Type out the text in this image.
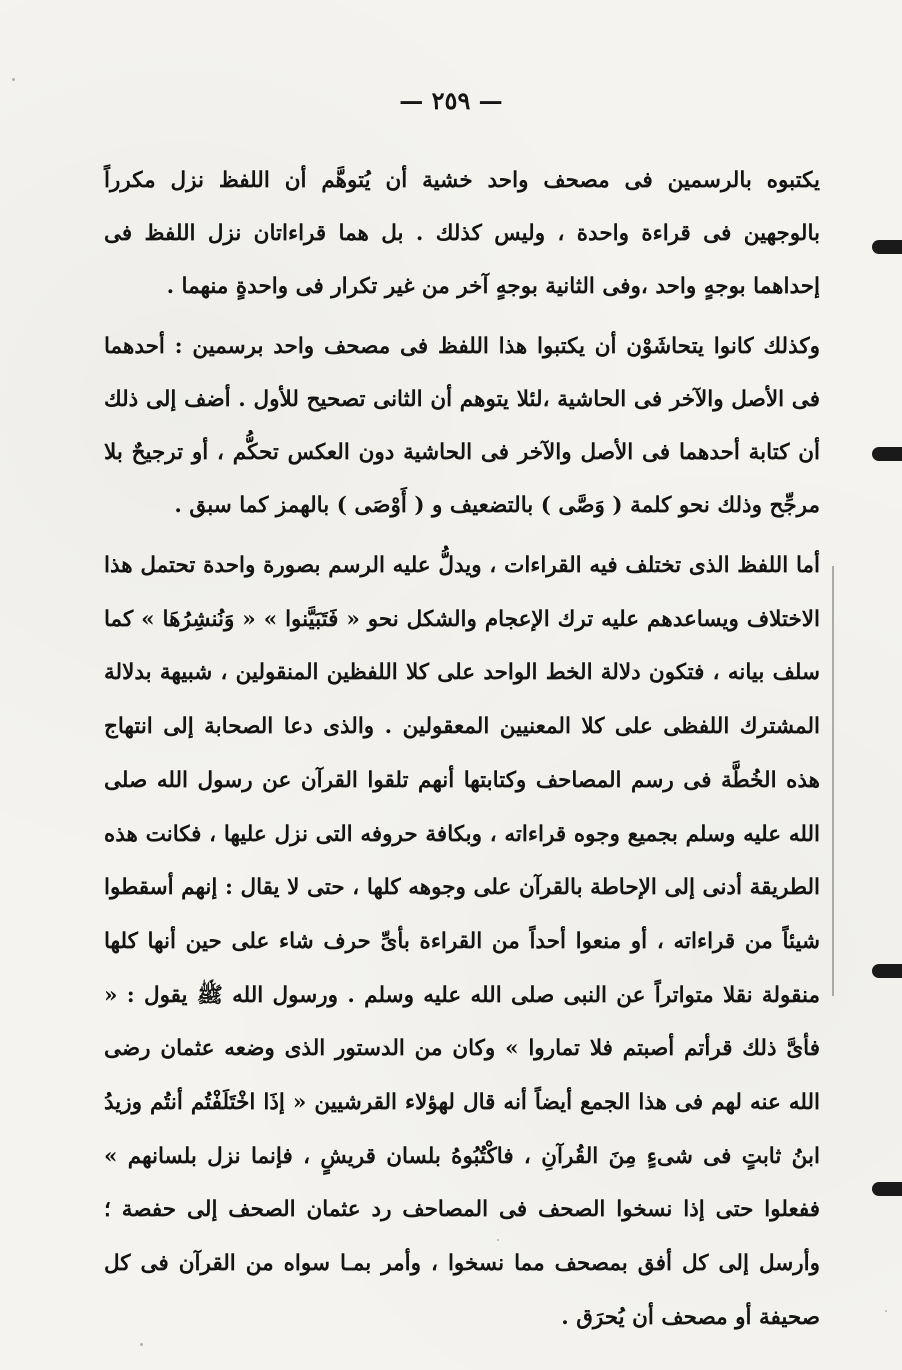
— ٢٥٩ —

يكتبوه بالرسمين فى مصحف واحد خشية أن يُتوهَّم أن اللفظ نزل مكرراً بالوجهين فى قراءة واحدة ، وليس كذلك . بل هما قراءاتان نزل اللفظ فى إحداهما بوجهٍ واحد ،وفى الثانية بوجهٍ آخر من غير تكرار فى واحدةٍ منهما .

وكذلك كانوا يتحاشَوْن أن يكتبوا هذا اللفظ فى مصحف واحد برسمين : أحدهما فى الأصل والآخر فى الحاشية ،لئلا يتوهم أن الثانى تصحيح للأول . أضف إلى ذلك أن كتابة أحدهما فى الأصل والآخر فى الحاشية دون العكس تحكُّم ، أو ترجيحٌ بلا مرجِّح وذلك نحو كلمة ( وَصَّى ) بالتضعيف و ( أَوْصَى ) بالهمز كما سبق .

أما اللفظ الذى تختلف فيه القراءات ، ويدلُّ عليه الرسم بصورة واحدة تحتمل هذا الاختلاف ويساعدهم عليه ترك الإعجام والشكل نحو « فَتَبَيَّنوا » « وَنُنشِرُهَا » كما سلف بيانه ، فتكون دلالة الخط الواحد على كلا اللفظين المنقولين ، شبيهة بدلالة المشترك اللفظى على كلا المعنيين المعقولين . والذى دعا الصحابة إلى انتهاج هذه الخُطَّة فى رسم المصاحف وكتابتها أنهم تلقوا القرآن عن رسول الله صلى الله عليه وسلم بجميع وجوه قراءاته ، وبكافة حروفه التى نزل عليها ، فكانت هذه الطريقة أدنى إلى الإحاطة بالقرآن على وجوهه كلها ، حتى لا يقال : إنهم أسقطوا شيئاً من قراءاته ، أو منعوا أحداً من القراءة بأىِّ حرف شاء على حين أنها كلها منقولة نقلا متواتراً عن النبى صلى الله عليه وسلم . ورسول الله ﷺ يقول : « فأىَّ ذلك قرأتم أصبتم فلا تماروا » وكان من الدستور الذى وضعه عثمان رضى الله عنه لهم فى هذا الجمع أيضاً أنه قال لهؤلاء القرشيين « إذَا اخْتَلَفْتُم أنتُم وزيدُ ابنُ ثابتٍ فى شىءٍ مِنَ القُرآنِ ، فاكْتُبُوهُ بلسان قريشٍ ، فإنما نزل بلسانهم » ففعلوا حتى إذا نسخوا الصحف فى المصاحف رد عثمان الصحف إلى حفصة ؛ وأرسل إلى كل أفق بمصحف مما نسخوا ، وأمر بمـا سواه من القرآن فى كل صحيفة أو مصحف أن يُحرَق .
